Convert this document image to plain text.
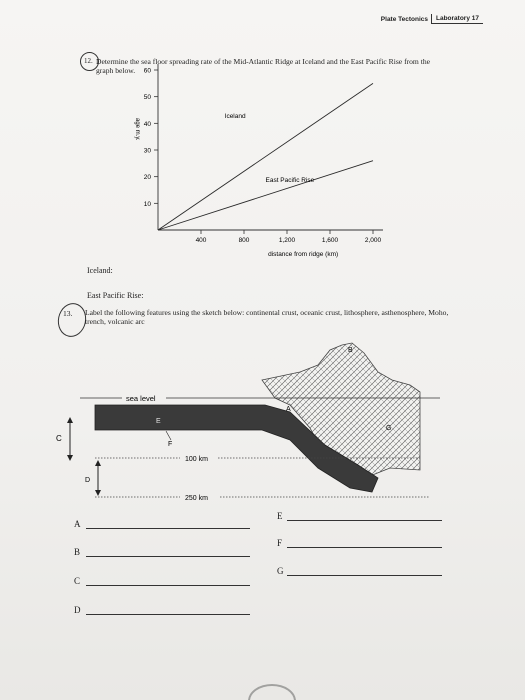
Plate Tectonics	Laboratory 17
12. Determine the sea floor spreading rate of the Mid-Atlantic Ridge at Iceland and the East Pacific Rise from the graph below.
10
20
30
40
50
60
400	800	1,200	1,600	2,000
age m.y.
distance from ridge (km)
Iceland
East Pacific Rise
Iceland:
East Pacific Rise:
13. Label the following features using the sketch below: continental crust, oceanic crust, lithosphere, asthenosphere, Moho, trench, volcanic arc
sea level
100 km
250 km
C
D
A
B
E
F
G
A
B
C
D
E
F
G
